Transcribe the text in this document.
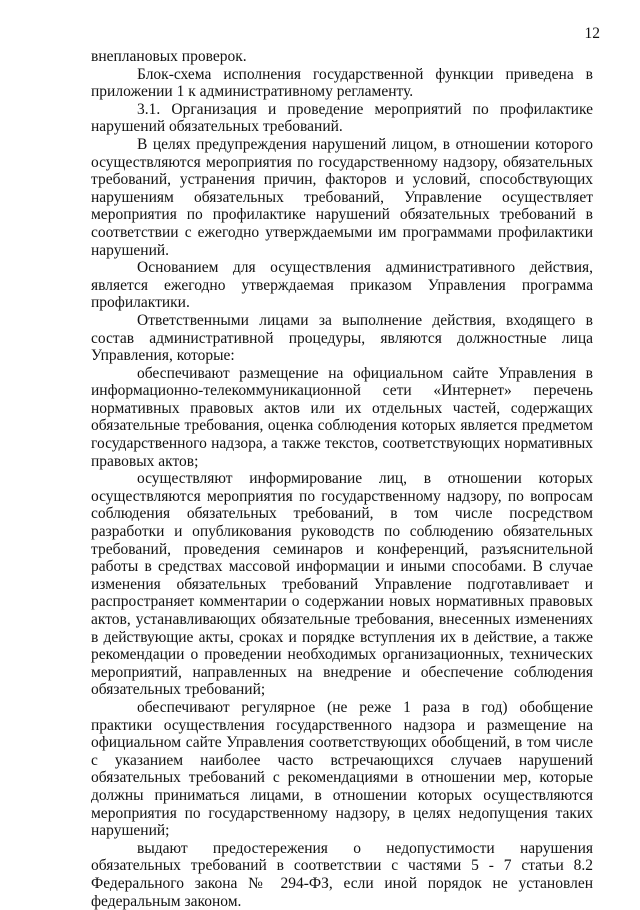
12

внеплановых проверок.

Блок-схема исполнения государственной функции приведена в приложении 1 к административному регламенту.

3.1. Организация и проведение мероприятий по профилактике нарушений обязательных требований.

В целях предупреждения нарушений лицом, в отношении которого осуществляются мероприятия по государственному надзору, обязательных требований, устранения причин, факторов и условий, способствующих нарушениям обязательных требований, Управление осуществляет мероприятия по профилактике нарушений обязательных требований в соответствии с ежегодно утверждаемыми им программами профилактики нарушений.

Основанием для осуществления административного действия, является ежегодно утверждаемая приказом Управления программа профилактики.

Ответственными лицами за выполнение действия, входящего в состав административной процедуры, являются должностные лица Управления, которые:

обеспечивают размещение на официальном сайте Управления в информационно-телекоммуникационной сети «Интернет» перечень нормативных правовых актов или их отдельных частей, содержащих обязательные требования, оценка соблюдения которых является предметом государственного надзора, а также текстов, соответствующих нормативных правовых актов;

осуществляют информирование лиц, в отношении которых осуществляются мероприятия по государственному надзору, по вопросам соблюдения обязательных требований, в том числе посредством разработки и опубликования руководств по соблюдению обязательных требований, проведения семинаров и конференций, разъяснительной работы в средствах массовой информации и иными способами. В случае изменения обязательных требований Управление подготавливает и распространяет комментарии о содержании новых нормативных правовых актов, устанавливающих обязательные требования, внесенных изменениях в действующие акты, сроках и порядке вступления их в действие, а также рекомендации о проведении необходимых организационных, технических мероприятий, направленных на внедрение и обеспечение соблюдения обязательных требований;

обеспечивают регулярное (не реже 1 раза в год) обобщение практики осуществления государственного надзора и размещение на официальном сайте Управления соответствующих обобщений, в том числе с указанием наиболее часто встречающихся случаев нарушений обязательных требований с рекомендациями в отношении мер, которые должны приниматься лицами, в отношении которых осуществляются мероприятия по государственному надзору, в целях недопущения таких нарушений;

выдают предостережения о недопустимости нарушения обязательных требований в соответствии с частями 5 - 7 статьи 8.2 Федерального закона № 294-ФЗ, если иной порядок не установлен федеральным законом.
